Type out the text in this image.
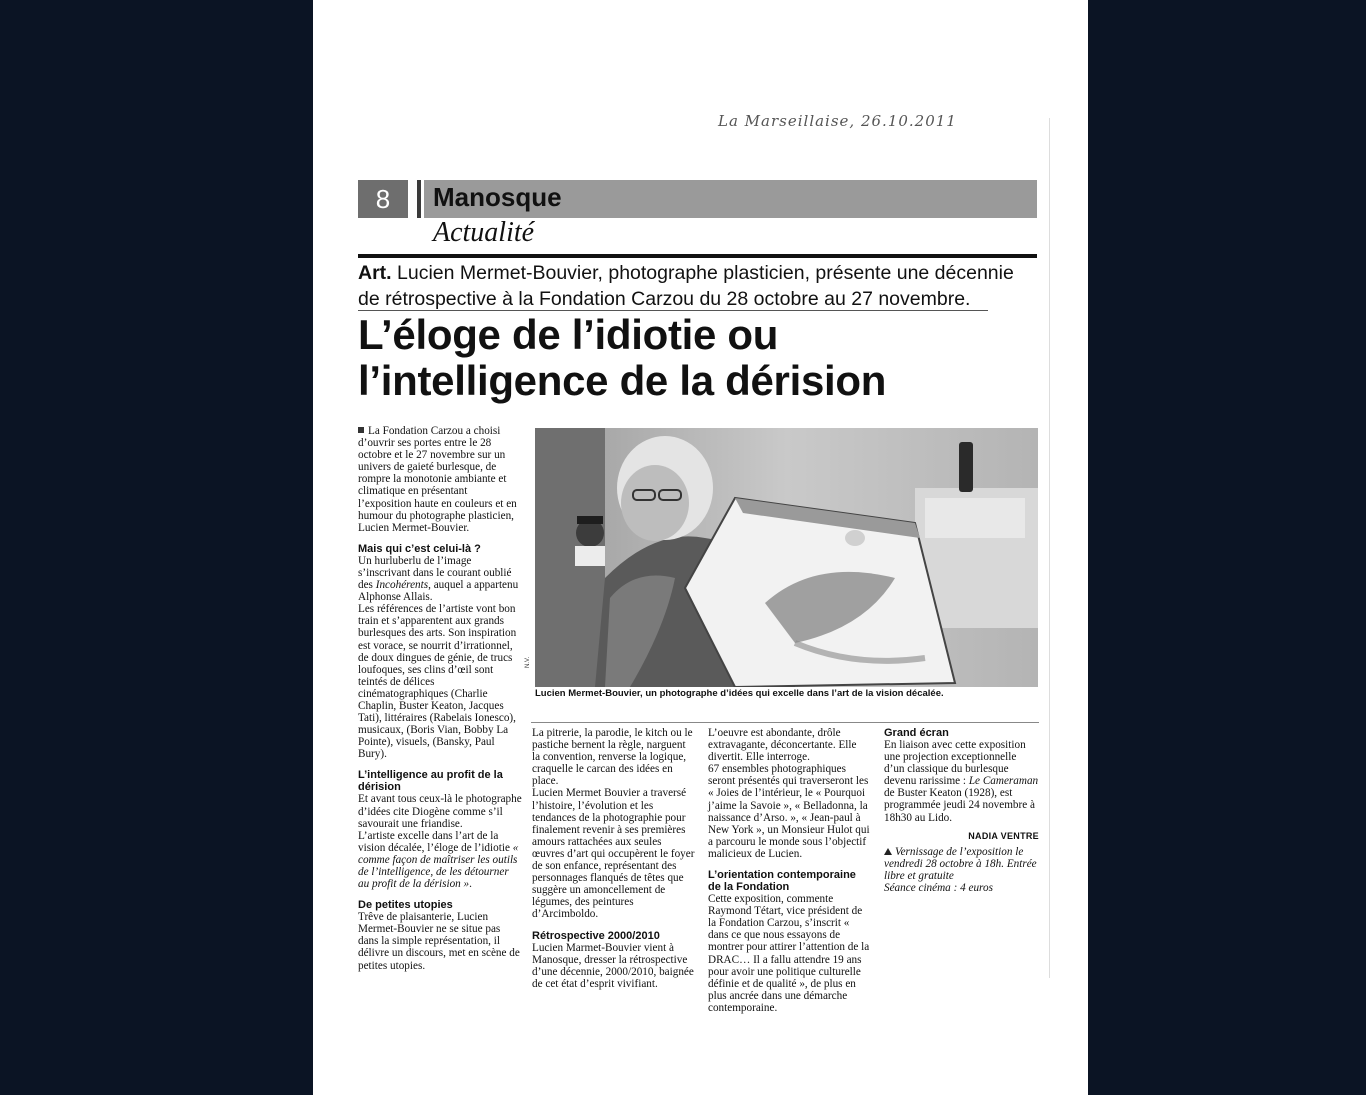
La Marseillaise, 26.10.2011
8	Manosque
Actualité
Art. Lucien Mermet-Bouvier, photographe plasticien, présente une décennie
de rétrospective à la Fondation Carzou du 28 octobre au 27 novembre.
L’éloge de l’idiotie ou
l’intelligence de la dérision

La Fondation Carzou a choisi d’ouvrir ses portes entre le 28 octobre et le 27 novembre sur un univers de gaieté burlesque, de rompre la monotonie ambiante et climatique en présentant l’exposition haute en couleurs et en humour du photographe plasticien, Lucien Mermet-Bouvier.

Mais qui c’est celui-là ?

Un hurluberlu de l’image s’inscrivant dans le courant oublié des Incohérents, auquel a appartenu Alphonse Allais.

Les références de l’artiste vont bon train et s’apparentent aux grands burlesques des arts. Son inspiration est vorace, se nourrit d’irrationnel, de doux dingues de génie, de trucs loufoques, ses clins d’œil sont teintés de délices cinématographiques (Charlie Chaplin, Buster Keaton, Jacques Tati), littéraires (Rabelais Ionesco), musicaux, (Boris Vian, Bobby La Pointe), visuels, (Bansky, Paul Bury).

L’intelligence au profit de la dérision

Et avant tous ceux-là le photographe d’idées cite Diogène comme s’il savourait une friandise.

L’artiste excelle dans l’art de la vision décalée, l’éloge de l’idiotie « comme façon de maîtriser les outils de l’intelligence, de les détourner au profit de la dérision ».

De petites utopies

Trêve de plaisanterie, Lucien Mermet-Bouvier ne se situe pas dans la simple représentation, il délivre un discours, met en scène de petites utopies.

N.V.
Lucien Mermet-Bouvier, un photographe d’idées qui excelle dans l’art de la vision décalée.

La pitrerie, la parodie, le kitch ou le pastiche bernent la règle, narguent la convention, renverse la logique, craquelle le carcan des idées en place.

Lucien Mermet Bouvier a traversé l’histoire, l’évolution et les tendances de la photographie pour finalement revenir à ses premières amours rattachées aux seules œuvres d’art qui occupèrent le foyer de son enfance, représentant des personnages flanqués de têtes que suggère un amoncellement de légumes, des peintures d’Arcimboldo.

Rétrospective 2000/2010

Lucien Marmet-Bouvier vient à Manosque, dresser la rétrospective d’une décennie, 2000/2010, baignée de cet état d’esprit vivifiant.

L’oeuvre est abondante, drôle extravagante, déconcertante. Elle divertit. Elle interroge.

67 ensembles photographiques seront présentés qui traverseront les « Joies de l’intérieur, le « Pourquoi j’aime la Savoie », « Belladonna, la naissance d’Arso. », « Jean-paul à New York », un Monsieur Hulot qui a parcouru le monde sous l’objectif malicieux de Lucien.

L’orientation contemporaine de la Fondation

Cette exposition, commente Raymond Tétart, vice président de la Fondation Carzou, s’inscrit « dans ce que nous essayons de montrer pour attirer l’attention de la DRAC… Il a fallu attendre 19 ans pour avoir une politique culturelle définie et de qualité », de plus en plus ancrée dans une démarche contemporaine.

Grand écran

En liaison avec cette exposition une projection exceptionnelle d’un classique du burlesque devenu rarissime : Le Cameraman de Buster Keaton (1928), est programmée jeudi 24 novembre à 18h30 au Lido.

NADIA VENTRE

Vernissage de l’exposition le vendredi 28 octobre à 18h. Entrée libre et gratuite

Séance cinéma : 4 euros
